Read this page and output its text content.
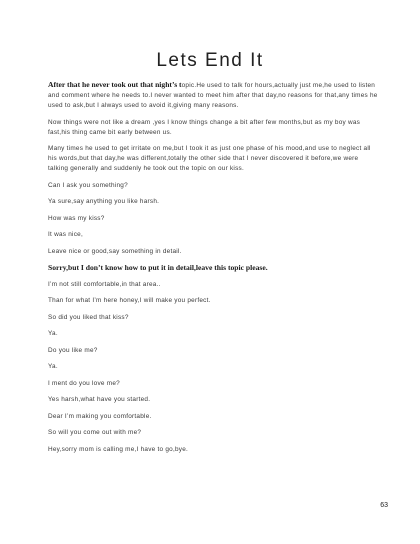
Lets End It

After that he never took out that night’s topic.He used to talk for hours,actually just me,he used to listen and comment where he needs to.I never wanted to meet him after that day,no reasons for that,any times he used to ask,but I always used to avoid it,giving many reasons.

Now things were not like a dream ,yes I know things change a bit after few months,but as my boy was fast,his thing came bit early between us.

Many times he used to get irritate on me,but I took it as just one phase of his mood,and use to neglect all his words,but that day,he was different,totally the other side that I never discovered it before,we were talking generally and suddenly he took out the topic on our kiss.

Can I ask you something?

Ya sure,say anything you like harsh.

How was my kiss?

It was nice,

Leave nice or good,say something in detail.

Sorry,but I don’t know how to put it in detail,leave this topic please.

I’m not still comfortable,in that area..

Than for what I’m here honey,I will make you perfect.

So did you liked that kiss?

Ya.

Do you like me?

Ya.

I ment do you love me?

Yes harsh,what have you started.

Dear I’m making you comfortable.

So will you come out with me?

Hey,sorry mom is calling me,I have to go,bye.

63
